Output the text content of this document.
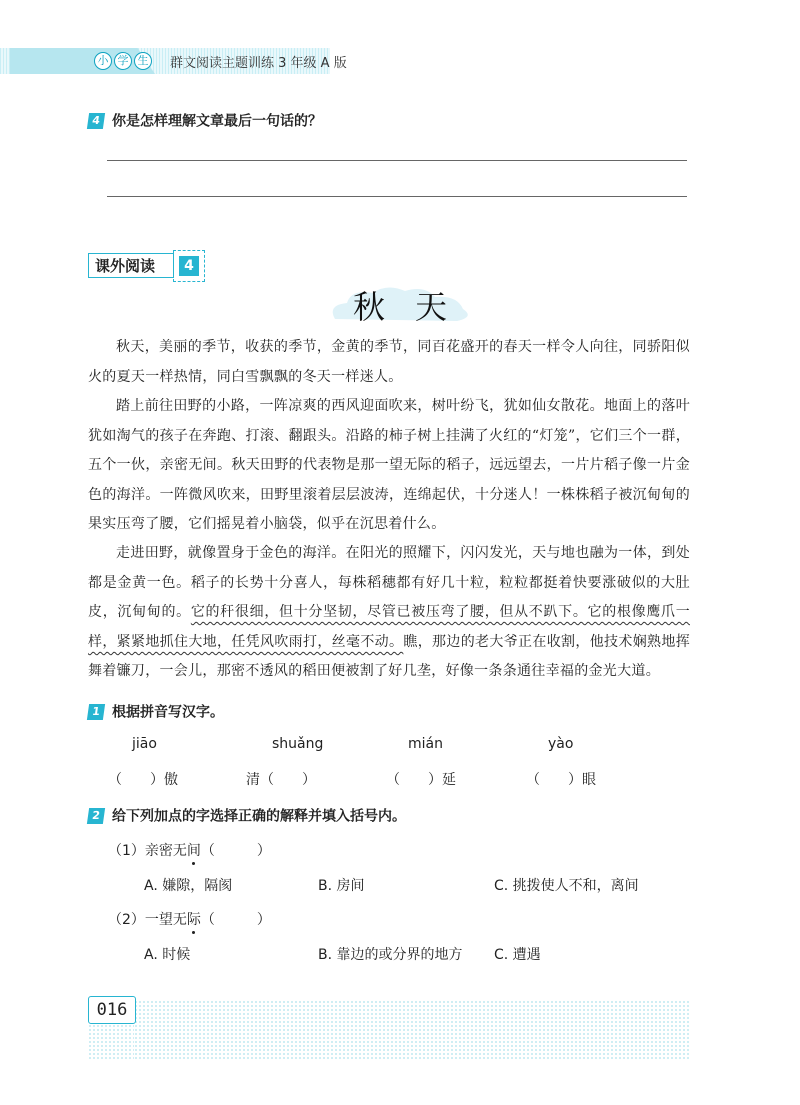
小 学 生	群文阅读主题训练 3 年级 A 版
4 你是怎样理解文章最后一句话的？
课外阅读	4
秋天
秋天，美丽的季节，收获的季节，金黄的季节，同百花盛开的春天一样令人向往，同骄阳似火的夏天一样热情，同白雪飘飘的冬天一样迷人。
踏上前往田野的小路，一阵凉爽的西风迎面吹来，树叶纷飞，犹如仙女散花。地面上的落叶犹如淘气的孩子在奔跑、打滚、翻跟头。沿路的柿子树上挂满了火红的“灯笼”，它们三个一群，五个一伙，亲密无间。秋天田野的代表物是那一望无际的稻子，远远望去，一片片稻子像一片金色的海洋。一阵微风吹来，田野里滚着层层波涛，连绵起伏，十分迷人！一株株稻子被沉甸甸的果实压弯了腰，它们摇晃着小脑袋，似乎在沉思着什么。
走进田野，就像置身于金色的海洋。在阳光的照耀下，闪闪发光，天与地也融为一体，到处都是金黄一色。稻子的长势十分喜人，每株稻穗都有好几十粒，粒粒都挺着快要涨破似的大肚皮，沉甸甸的。它的秆很细，但十分坚韧，尽管已被压弯了腰，但从不趴下。它的根像鹰爪一样，紧紧地抓住大地，任凭风吹雨打，丝毫不动。瞧，那边的老大爷正在收割，他技术娴熟地挥舞着镰刀，一会儿，那密不透风的稻田便被割了好几垄，好像一条条通往幸福的金光大道。
1 根据拼音写汉字。
jiāo	shuǎng	mián	yào
（　　）傲	清（　　）	（　　）延	（　　）眼
2 给下列加点的字选择正确的解释并填入括号内。
（1）亲密无间（　　　）
A. 嫌隙，隔阂	B. 房间	C. 挑拨使人不和，离间
（2）一望无际（　　　）
A. 时候	B. 靠边的或分界的地方 C. 遭遇
016
